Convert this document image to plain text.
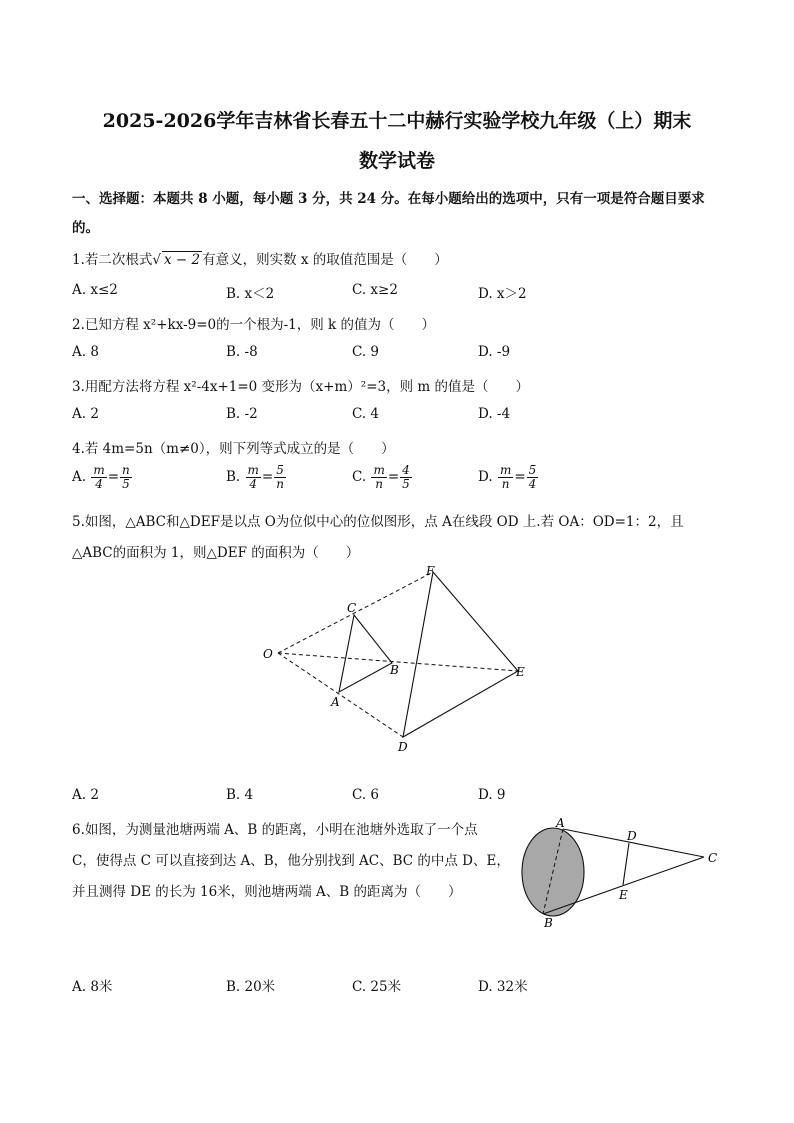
2025-2026学年吉林省长春五十二中赫行实验学校九年级（上）期末
数学试卷
一、选择题：本题共 8 小题，每小题 3 分，共 24 分。在每小题给出的选项中，只有一项是符合题目要求
的。
1.若二次根式√ x − 2 有意义，则实数 x 的取值范围是（　　）
A. x≤2	B. x＜2	C. x≥2	D. x＞2
2.已知方程 x²+kx-9=0的一个根为-1，则 k 的值为（　　）
A. 8	B. -8	C. 9	D. -9
3.用配方法将方程 x²-4x+1=0 变形为（x+m）²=3，则 m 的值是（　　）
A. 2	B. -2	C. 4	D. -4
4.若 4m=5n（m≠0），则下列等式成立的是（　　）
A. $\frac{m}{4} = \frac{n}{5}$	B. $\frac{m}{4} = \frac{5}{n}$	C. $\frac{m}{n} = \frac{4}{5}$	D. $\frac{m}{n} = \frac{5}{4}$
5.如图，△ABC和△DEF是以点 O为位似中心的位似图形，点 A在线段 OD 上.若 OA：OD=1：2，且
△ABC的面积为 1，则△DEF 的面积为（　　）
O
C
B
A
F
E
D
A. 2	B. 4	C. 6	D. 9
6.如图，为测量池塘两端 A、B 的距离，小明在池塘外选取了一个点
C，使得点 C 可以直接到达 A、B，他分别找到 AC、BC 的中点 D、E，
并且测得 DE 的长为 16米，则池塘两端 A、B 的距离为（　　）
A
B
C
D
E
A. 8米	B. 20米	C. 25米	D. 32米
